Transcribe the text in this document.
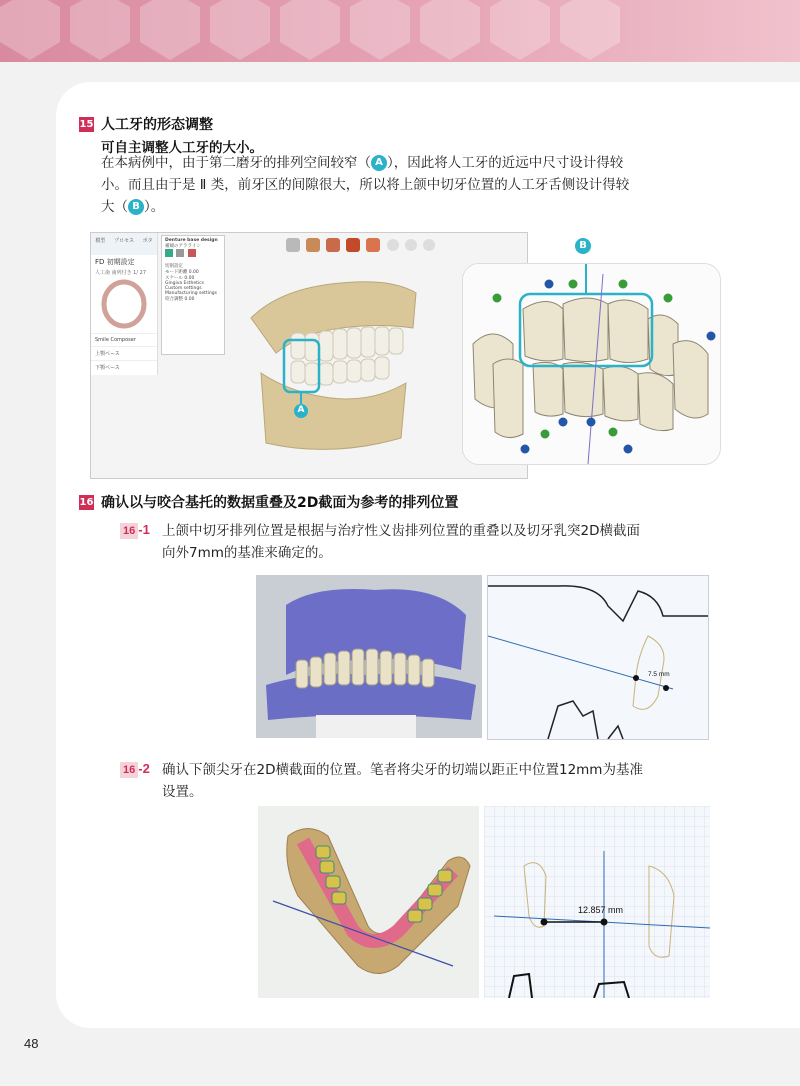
15 人工牙的形态调整
可自主调整人工牙的大小。
在本病例中，由于第二磨牙的排列空间较窄（ A ），因此将人工牙的近远中尺寸设计得较
小。而且由于是 Ⅱ 类，前牙区的间隙很大，所以将上颌中切牙位置的人工牙舌侧设计得较
大（ B ）。
A
模型 プロセス ボタ
FD 初期設定
人工歯 歯列付き 1/ 27
Smile Composer
上顎ベース
下顎ベース
Denture base design
補綴のアラライン

切削設定
モード距離 0.00
スケール 0.00
Gingiva Esthetics
Custom settings
Manufacturing settings
咬合調整 0.00
B
16 确认以与咬合基托的数据重叠及2D截面为参考的排列位置
16 -1 上颌中切牙排列位置是根据与治疗性义齿排列位置的重叠以及切牙乳突2D横截面
向外7mm的基准来确定的。
7.5 mm
16 -2 确认下颌尖牙在2D横截面的位置。笔者将尖牙的切端以距正中位置12mm为基准
设置。
12.857 mm
48
